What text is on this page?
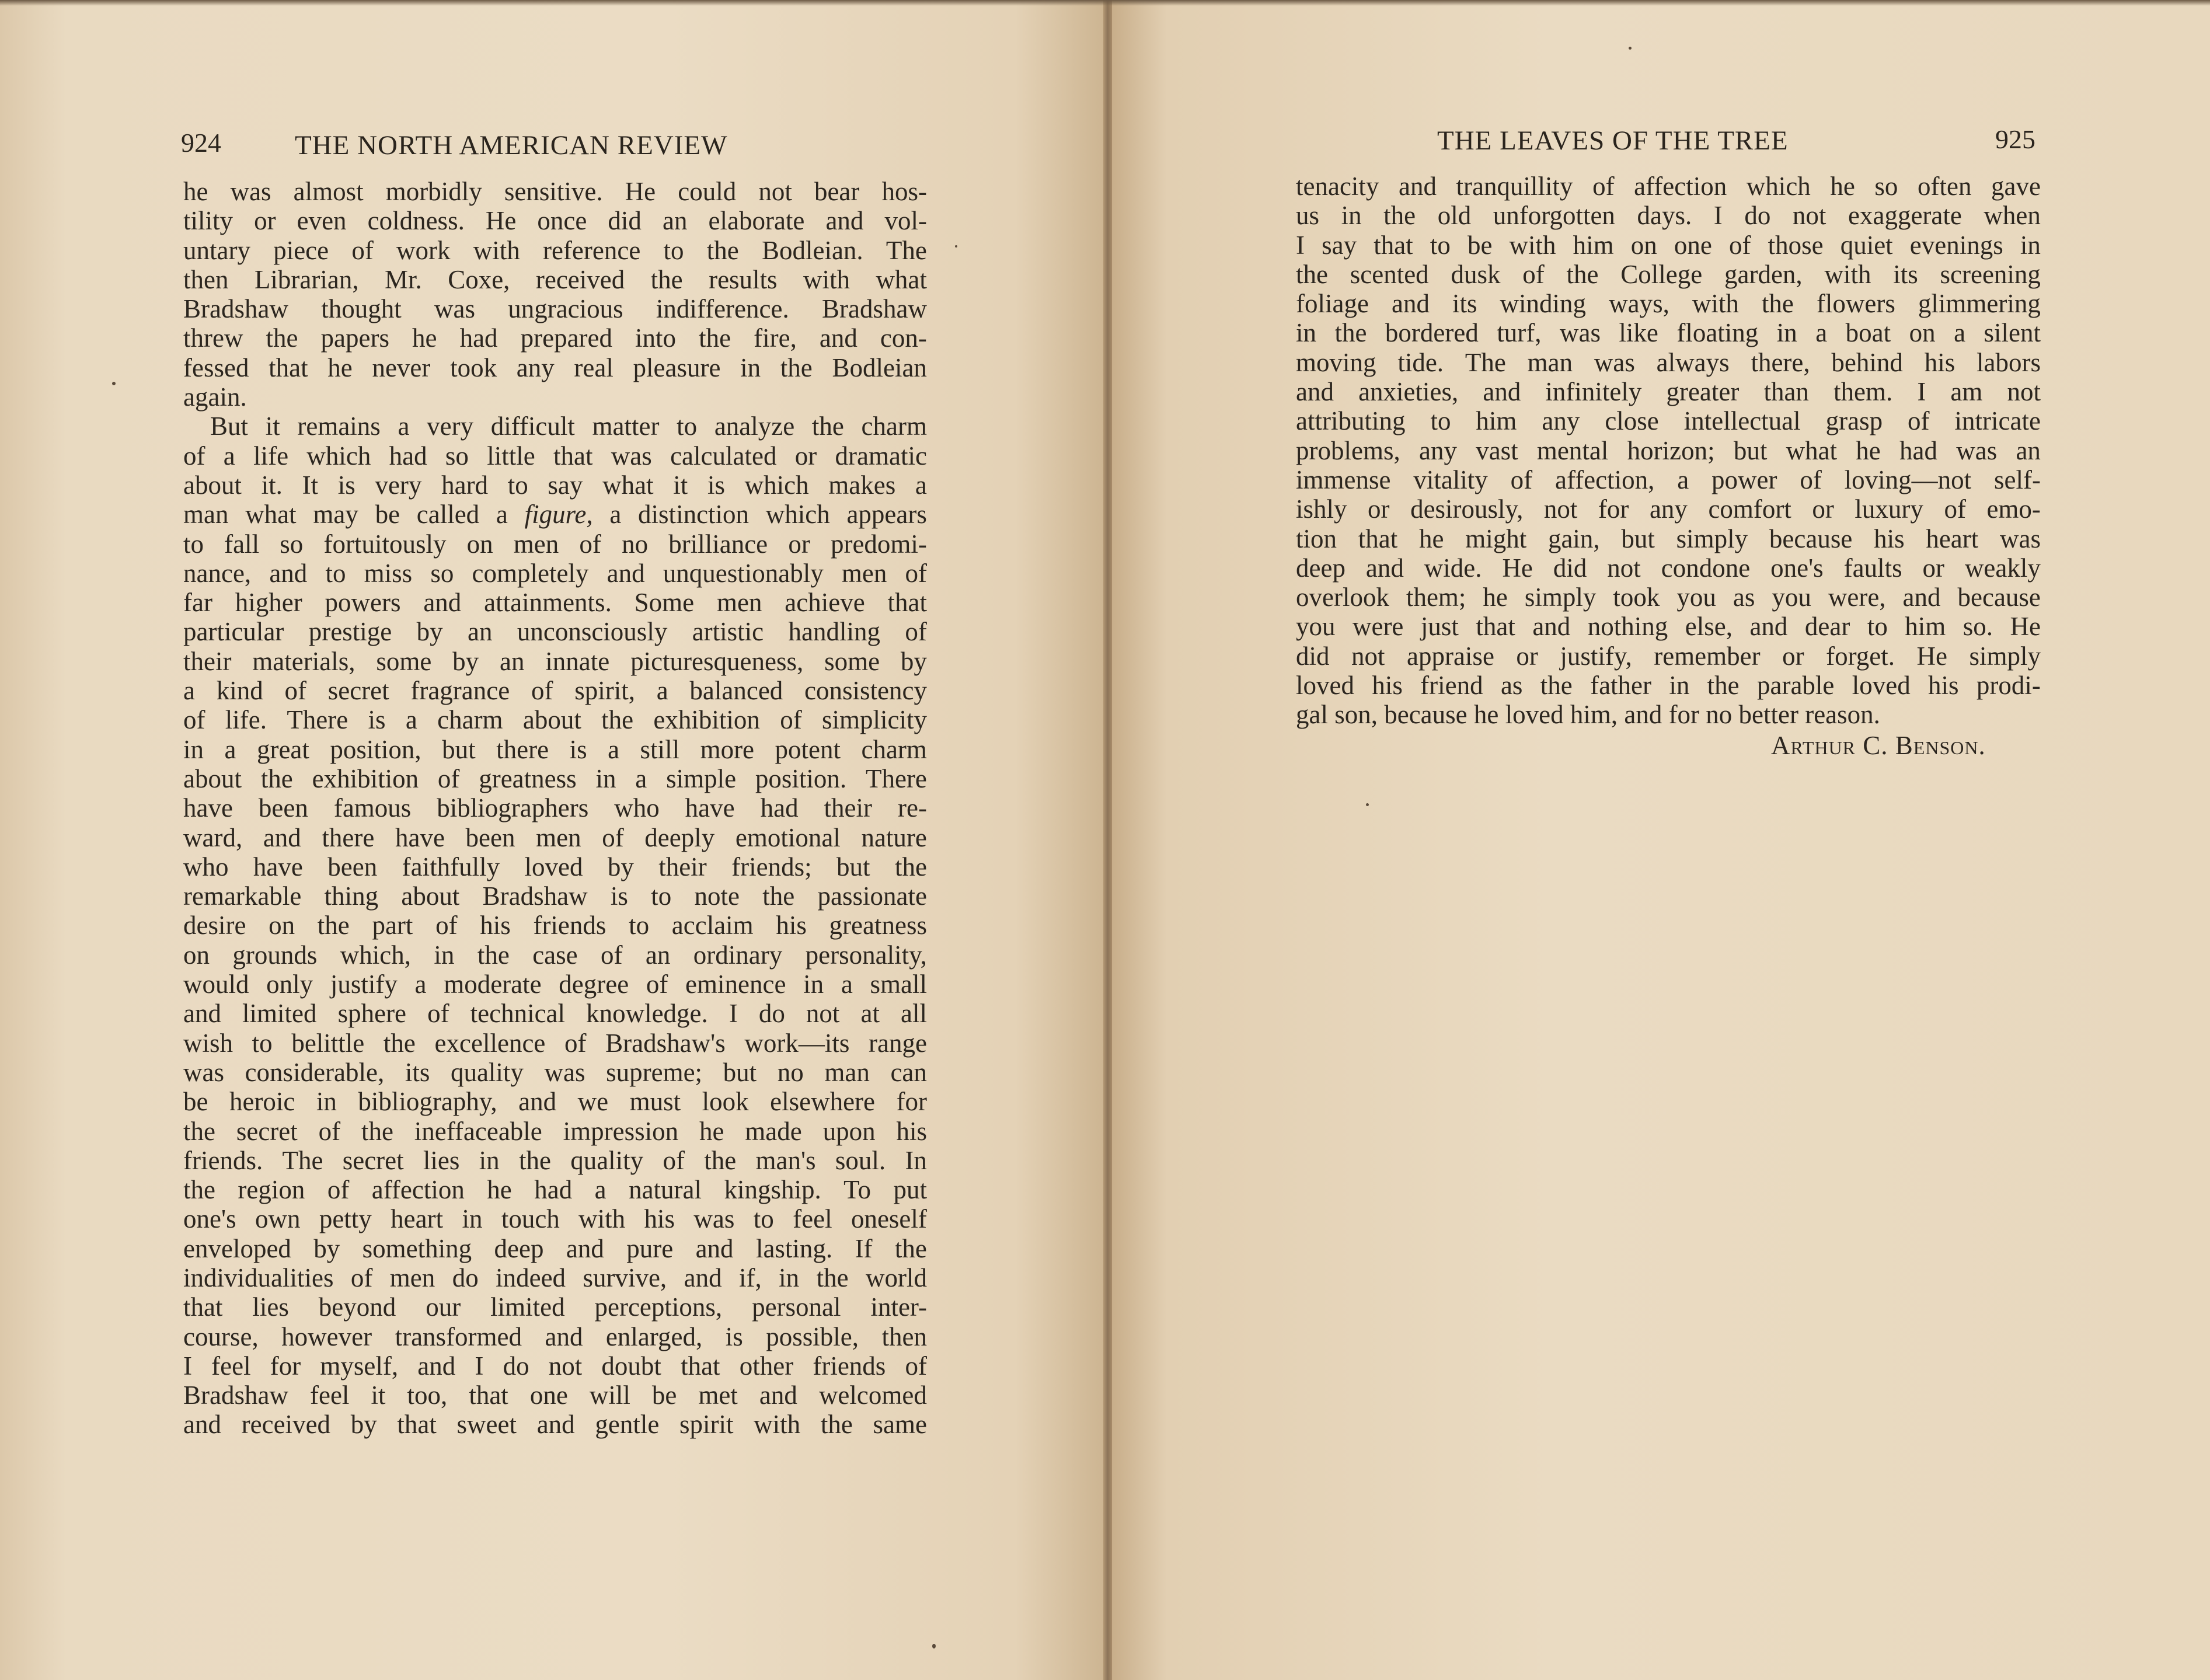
924	THE NORTH AMERICAN REVIEW
he was almost morbidly sensitive. He could not bear hos-
tility or even coldness. He once did an elaborate and vol-
untary piece of work with reference to the Bodleian. The
then Librarian, Mr. Coxe, received the results with what
Bradshaw thought was ungracious indifference. Bradshaw
threw the papers he had prepared into the fire, and con-
fessed that he never took any real pleasure in the Bodleian
again.
But it remains a very difficult matter to analyze the charm
of a life which had so little that was calculated or dramatic
about it. It is very hard to say what it is which makes a
man what may be called a figure, a distinction which appears
to fall so fortuitously on men of no brilliance or predomi-
nance, and to miss so completely and unquestionably men of
far higher powers and attainments. Some men achieve that
particular prestige by an unconsciously artistic handling of
their materials, some by an innate picturesqueness, some by
a kind of secret fragrance of spirit, a balanced consistency
of life. There is a charm about the exhibition of simplicity
in a great position, but there is a still more potent charm
about the exhibition of greatness in a simple position. There
have been famous bibliographers who have had their re-
ward, and there have been men of deeply emotional nature
who have been faithfully loved by their friends; but the
remarkable thing about Bradshaw is to note the passionate
desire on the part of his friends to acclaim his greatness
on grounds which, in the case of an ordinary personality,
would only justify a moderate degree of eminence in a small
and limited sphere of technical knowledge. I do not at all
wish to belittle the excellence of Bradshaw's work—its range
was considerable, its quality was supreme; but no man can
be heroic in bibliography, and we must look elsewhere for
the secret of the ineffaceable impression he made upon his
friends. The secret lies in the quality of the man's soul. In
the region of affection he had a natural kingship. To put
one's own petty heart in touch with his was to feel oneself
enveloped by something deep and pure and lasting. If the
individualities of men do indeed survive, and if, in the world
that lies beyond our limited perceptions, personal inter-
course, however transformed and enlarged, is possible, then
I feel for myself, and I do not doubt that other friends of
Bradshaw feel it too, that one will be met and welcomed
and received by that sweet and gentle spirit with the same
THE LEAVES OF THE TREE	925
tenacity and tranquillity of affection which he so often gave
us in the old unforgotten days. I do not exaggerate when
I say that to be with him on one of those quiet evenings in
the scented dusk of the College garden, with its screening
foliage and its winding ways, with the flowers glimmering
in the bordered turf, was like floating in a boat on a silent
moving tide. The man was always there, behind his labors
and anxieties, and infinitely greater than them. I am not
attributing to him any close intellectual grasp of intricate
problems, any vast mental horizon; but what he had was an
immense vitality of affection, a power of loving—not self-
ishly or desirously, not for any comfort or luxury of emo-
tion that he might gain, but simply because his heart was
deep and wide. He did not condone one's faults or weakly
overlook them; he simply took you as you were, and because
you were just that and nothing else, and dear to him so. He
did not appraise or justify, remember or forget. He simply
loved his friend as the father in the parable loved his prodi-
gal son, because he loved him, and for no better reason.
Arthur C. Benson.
